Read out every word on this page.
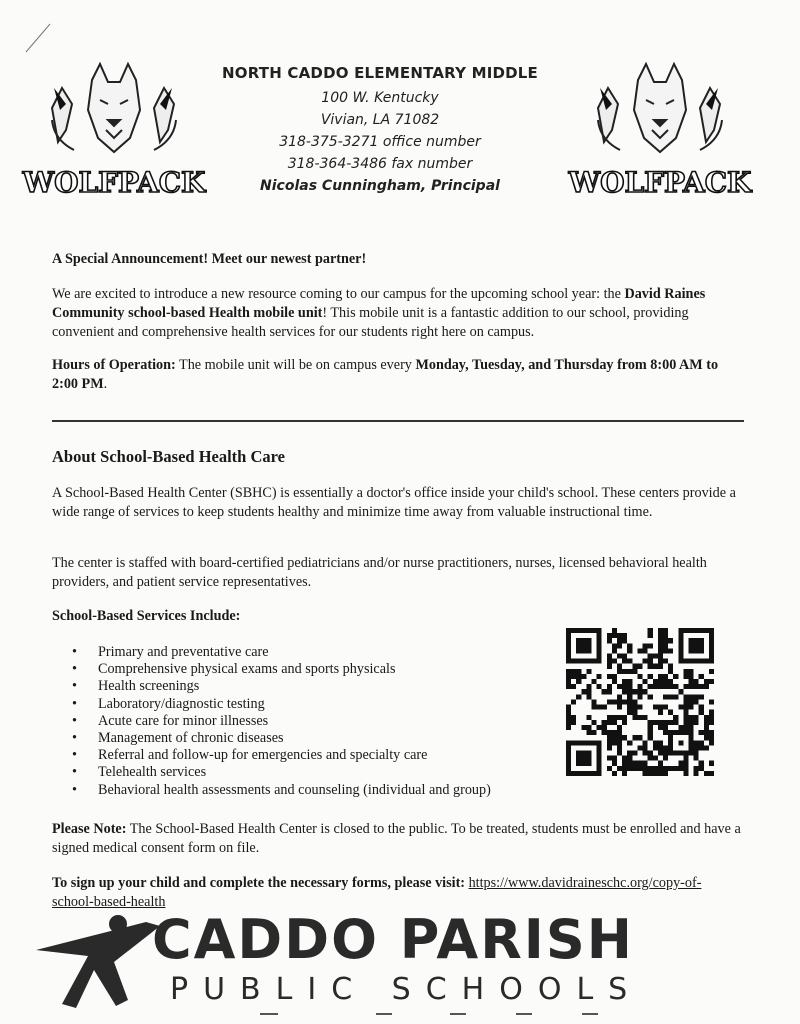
WOLFPACK	WOLFPACK
NORTH CADDO ELEMENTARY MIDDLE
100 W. Kentucky
Vivian, LA 71082
318-375-3271 office number
318-364-3486 fax number
Nicolas Cunningham, Principal

A Special Announcement! Meet our newest partner!

We are excited to introduce a new resource coming to our campus for the upcoming school year: the David Raines Community school-based Health mobile unit! This mobile unit is a fantastic addition to our school, providing convenient and comprehensive health services for our students right here on campus.

Hours of Operation: The mobile unit will be on campus every Monday, Tuesday, and Thursday from 8:00 AM to 2:00 PM.

About School-Based Health Care

A School-Based Health Center (SBHC) is essentially a doctor's office inside your child's school. These centers provide a wide range of services to keep students healthy and minimize time away from valuable instructional time.

The center is staffed with board-certified pediatricians and/or nurse practitioners, nurses, licensed behavioral health providers, and patient service representatives.

School-Based Services Include:

• Primary and preventative care
• Comprehensive physical exams and sports physicals
• Health screenings
• Laboratory/diagnostic testing
• Acute care for minor illnesses
• Management of chronic diseases
• Referral and follow-up for emergencies and specialty care
• Telehealth services
• Behavioral health assessments and counseling (individual and group)

Please Note: The School-Based Health Center is closed to the public. To be treated, students must be enrolled and have a signed medical consent form on file.

To sign up your child and complete the necessary forms, please visit: https://www.davidraineschc.org/copy-of-school-based-health

CADDO PARISH
PUBLIC SCHOOLS
